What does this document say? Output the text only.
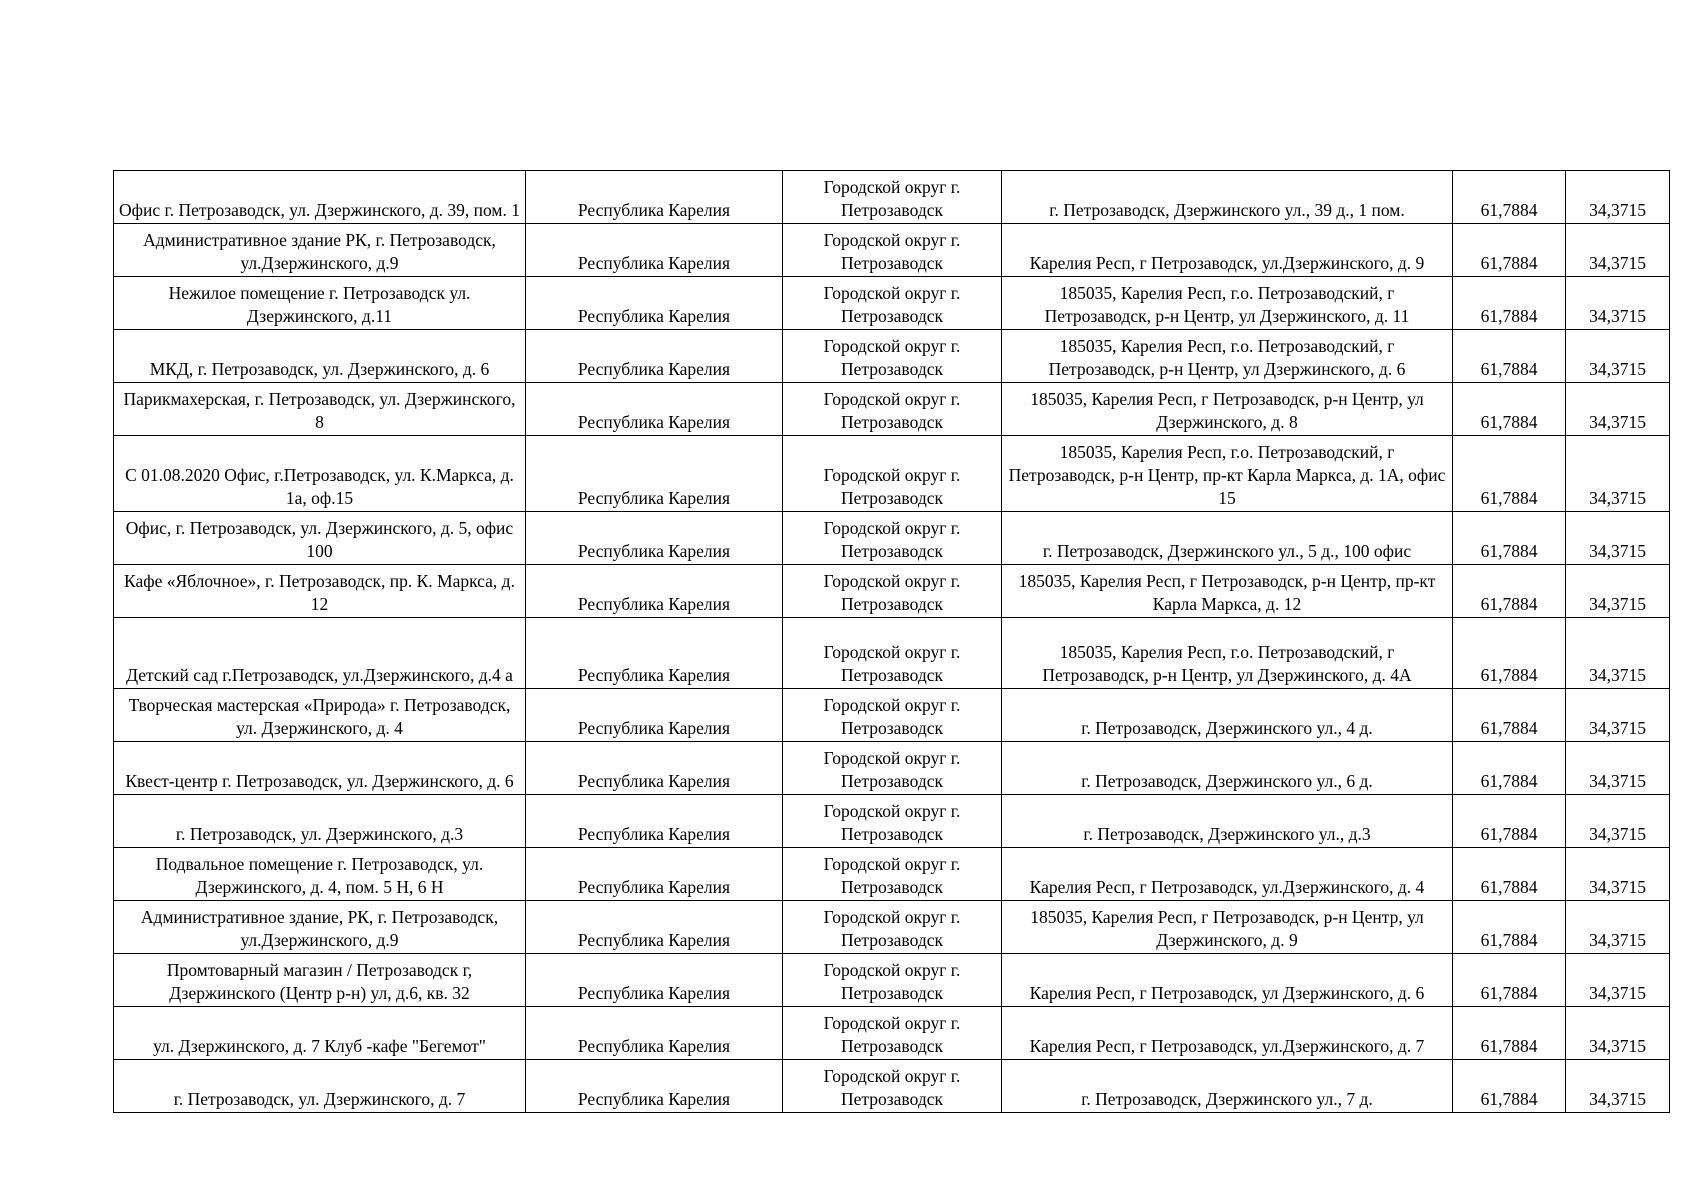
Офис г. Петрозаводск, ул. Дзержинского, д. 39, пом. 1	Республика Карелия	Городской округ г. Петрозаводск	г. Петрозаводск, Дзержинского ул., 39 д., 1 пом.	61,7884	34,3715
Административное здание РК, г. Петрозаводск, ул.Дзержинского, д.9	Республика Карелия	Городской округ г. Петрозаводск	Карелия Респ, г Петрозаводск, ул.Дзержинского, д. 9	61,7884	34,3715
Нежилое помещение г. Петрозаводск ул. Дзержинского, д.11	Республика Карелия	Городской округ г. Петрозаводск	185035, Карелия Респ, г.о. Петрозаводский, г Петрозаводск, р-н Центр, ул Дзержинского, д. 11	61,7884	34,3715
МКД, г. Петрозаводск, ул. Дзержинского, д. 6	Республика Карелия	Городской округ г. Петрозаводск	185035, Карелия Респ, г.о. Петрозаводский, г Петрозаводск, р-н Центр, ул Дзержинского, д. 6	61,7884	34,3715
Парикмахерская, г. Петрозаводск, ул. Дзержинского, 8	Республика Карелия	Городской округ г. Петрозаводск	185035, Карелия Респ, г Петрозаводск, р-н Центр, ул Дзержинского, д. 8	61,7884	34,3715
С 01.08.2020 Офис, г.Петрозаводск, ул. К.Маркса, д. 1а, оф.15	Республика Карелия	Городской округ г. Петрозаводск	185035, Карелия Респ, г.о. Петрозаводский, г Петрозаводск, р-н Центр, пр-кт Карла Маркса, д. 1А, офис 15	61,7884	34,3715
Офис, г. Петрозаводск, ул. Дзержинского, д. 5, офис 100	Республика Карелия	Городской округ г. Петрозаводск	г. Петрозаводск, Дзержинского ул., 5 д., 100 офис	61,7884	34,3715
Кафе «Яблочное», г. Петрозаводск, пр. К. Маркса, д. 12	Республика Карелия	Городской округ г. Петрозаводск	185035, Карелия Респ, г Петрозаводск, р-н Центр, пр-кт Карла Маркса, д. 12	61,7884	34,3715
Детский сад г.Петрозаводск, ул.Дзержинского, д.4 а	Республика Карелия	Городской округ г. Петрозаводск	185035, Карелия Респ, г.о. Петрозаводский, г Петрозаводск, р-н Центр, ул Дзержинского, д. 4А	61,7884	34,3715
Творческая мастерская «Природа» г. Петрозаводск, ул. Дзержинского, д. 4	Республика Карелия	Городской округ г. Петрозаводск	г. Петрозаводск, Дзержинского ул., 4 д.	61,7884	34,3715
Квест-центр г. Петрозаводск, ул. Дзержинского, д. 6	Республика Карелия	Городской округ г. Петрозаводск	г. Петрозаводск, Дзержинского ул., 6 д.	61,7884	34,3715
г. Петрозаводск, ул. Дзержинского, д.3	Республика Карелия	Городской округ г. Петрозаводск	г. Петрозаводск, Дзержинского ул., д.3	61,7884	34,3715
Подвальное помещение г. Петрозаводск, ул. Дзержинского, д. 4, пом. 5 Н, 6 Н	Республика Карелия	Городской округ г. Петрозаводск	Карелия Респ, г Петрозаводск, ул.Дзержинского, д. 4	61,7884	34,3715
Административное здание, РК, г. Петрозаводск, ул.Дзержинского, д.9	Республика Карелия	Городской округ г. Петрозаводск	185035, Карелия Респ, г Петрозаводск, р-н Центр, ул Дзержинского, д. 9	61,7884	34,3715
Промтоварный магазин / Петрозаводск г, Дзержинского (Центр р-н) ул, д.6, кв. 32	Республика Карелия	Городской округ г. Петрозаводск	Карелия Респ, г Петрозаводск, ул Дзержинского, д. 6	61,7884	34,3715
ул. Дзержинского, д. 7 Клуб -кафе "Бегемот"	Республика Карелия	Городской округ г. Петрозаводск	Карелия Респ, г Петрозаводск, ул.Дзержинского, д. 7	61,7884	34,3715
г. Петрозаводск, ул. Дзержинского, д. 7	Республика Карелия	Городской округ г. Петрозаводск	г. Петрозаводск, Дзержинского ул., 7 д.	61,7884	34,3715
